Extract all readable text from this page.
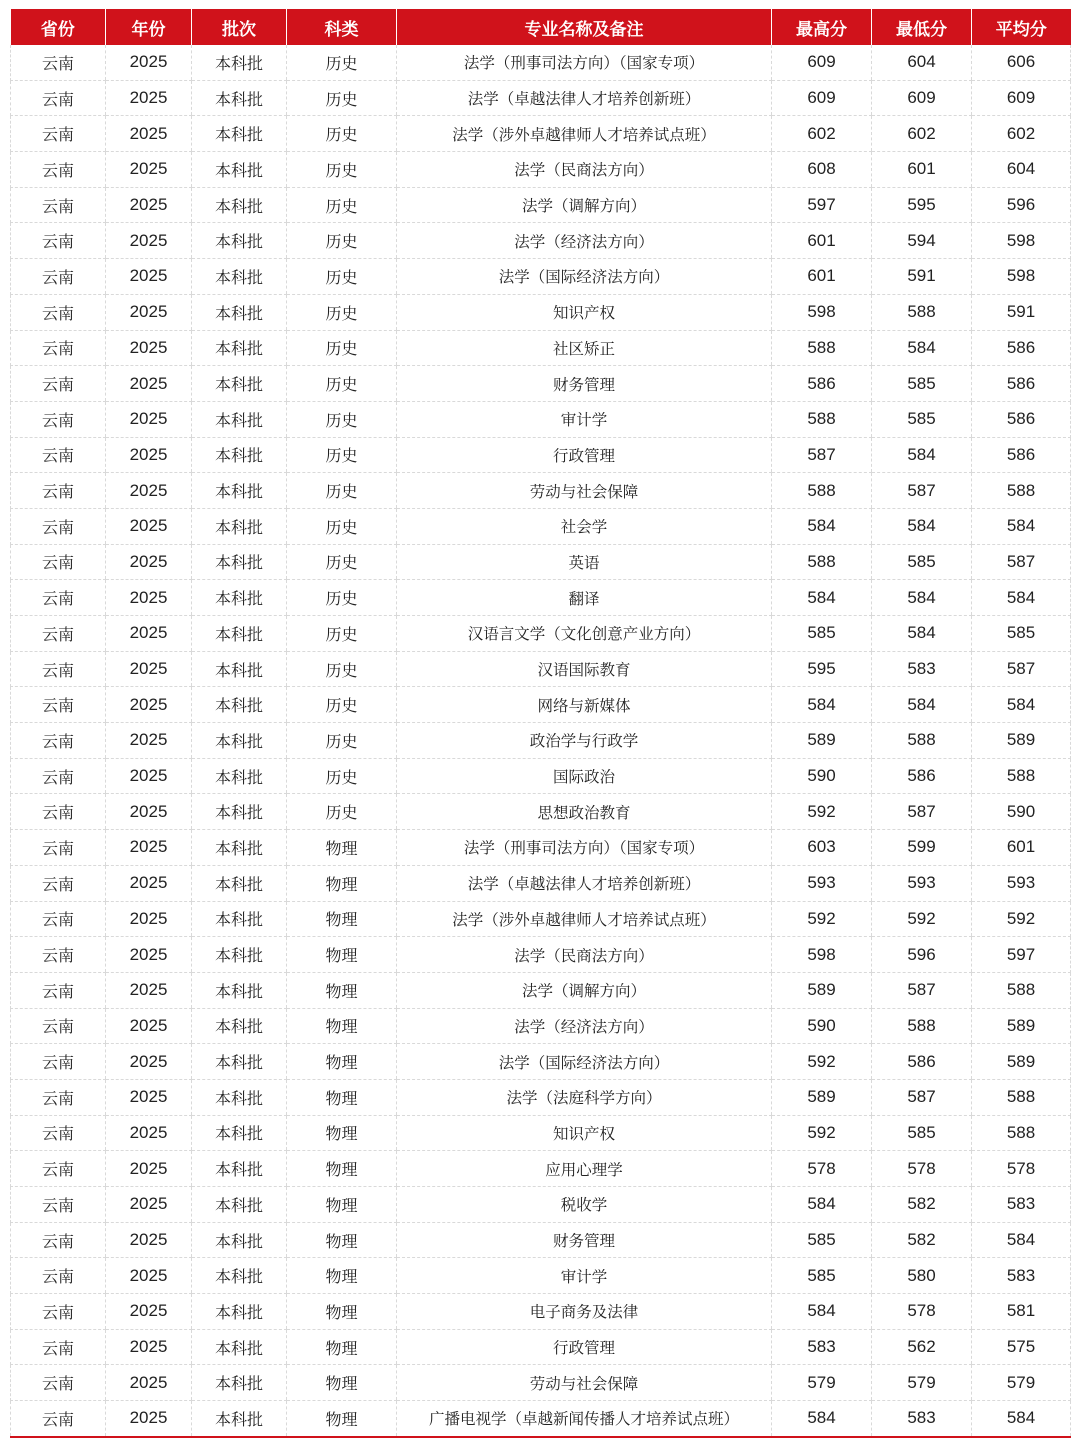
省份	年份	批次	科类	专业名称及备注	最高分	最低分	平均分
云南	2025	本科批	历史	法学（刑事司法方向）（国家专项）	609	604	606
云南	2025	本科批	历史	法学（卓越法律人才培养创新班）	609	609	609
云南	2025	本科批	历史	法学（涉外卓越律师人才培养试点班）	602	602	602
云南	2025	本科批	历史	法学（民商法方向）	608	601	604
云南	2025	本科批	历史	法学（调解方向）	597	595	596
云南	2025	本科批	历史	法学（经济法方向）	601	594	598
云南	2025	本科批	历史	法学（国际经济法方向）	601	591	598
云南	2025	本科批	历史	知识产权	598	588	591
云南	2025	本科批	历史	社区矫正	588	584	586
云南	2025	本科批	历史	财务管理	586	585	586
云南	2025	本科批	历史	审计学	588	585	586
云南	2025	本科批	历史	行政管理	587	584	586
云南	2025	本科批	历史	劳动与社会保障	588	587	588
云南	2025	本科批	历史	社会学	584	584	584
云南	2025	本科批	历史	英语	588	585	587
云南	2025	本科批	历史	翻译	584	584	584
云南	2025	本科批	历史	汉语言文学（文化创意产业方向）	585	584	585
云南	2025	本科批	历史	汉语国际教育	595	583	587
云南	2025	本科批	历史	网络与新媒体	584	584	584
云南	2025	本科批	历史	政治学与行政学	589	588	589
云南	2025	本科批	历史	国际政治	590	586	588
云南	2025	本科批	历史	思想政治教育	592	587	590
云南	2025	本科批	物理	法学（刑事司法方向）（国家专项）	603	599	601
云南	2025	本科批	物理	法学（卓越法律人才培养创新班）	593	593	593
云南	2025	本科批	物理	法学（涉外卓越律师人才培养试点班）	592	592	592
云南	2025	本科批	物理	法学（民商法方向）	598	596	597
云南	2025	本科批	物理	法学（调解方向）	589	587	588
云南	2025	本科批	物理	法学（经济法方向）	590	588	589
云南	2025	本科批	物理	法学（国际经济法方向）	592	586	589
云南	2025	本科批	物理	法学（法庭科学方向）	589	587	588
云南	2025	本科批	物理	知识产权	592	585	588
云南	2025	本科批	物理	应用心理学	578	578	578
云南	2025	本科批	物理	税收学	584	582	583
云南	2025	本科批	物理	财务管理	585	582	584
云南	2025	本科批	物理	审计学	585	580	583
云南	2025	本科批	物理	电子商务及法律	584	578	581
云南	2025	本科批	物理	行政管理	583	562	575
云南	2025	本科批	物理	劳动与社会保障	579	579	579
云南	2025	本科批	物理	广播电视学（卓越新闻传播人才培养试点班）	584	583	584
